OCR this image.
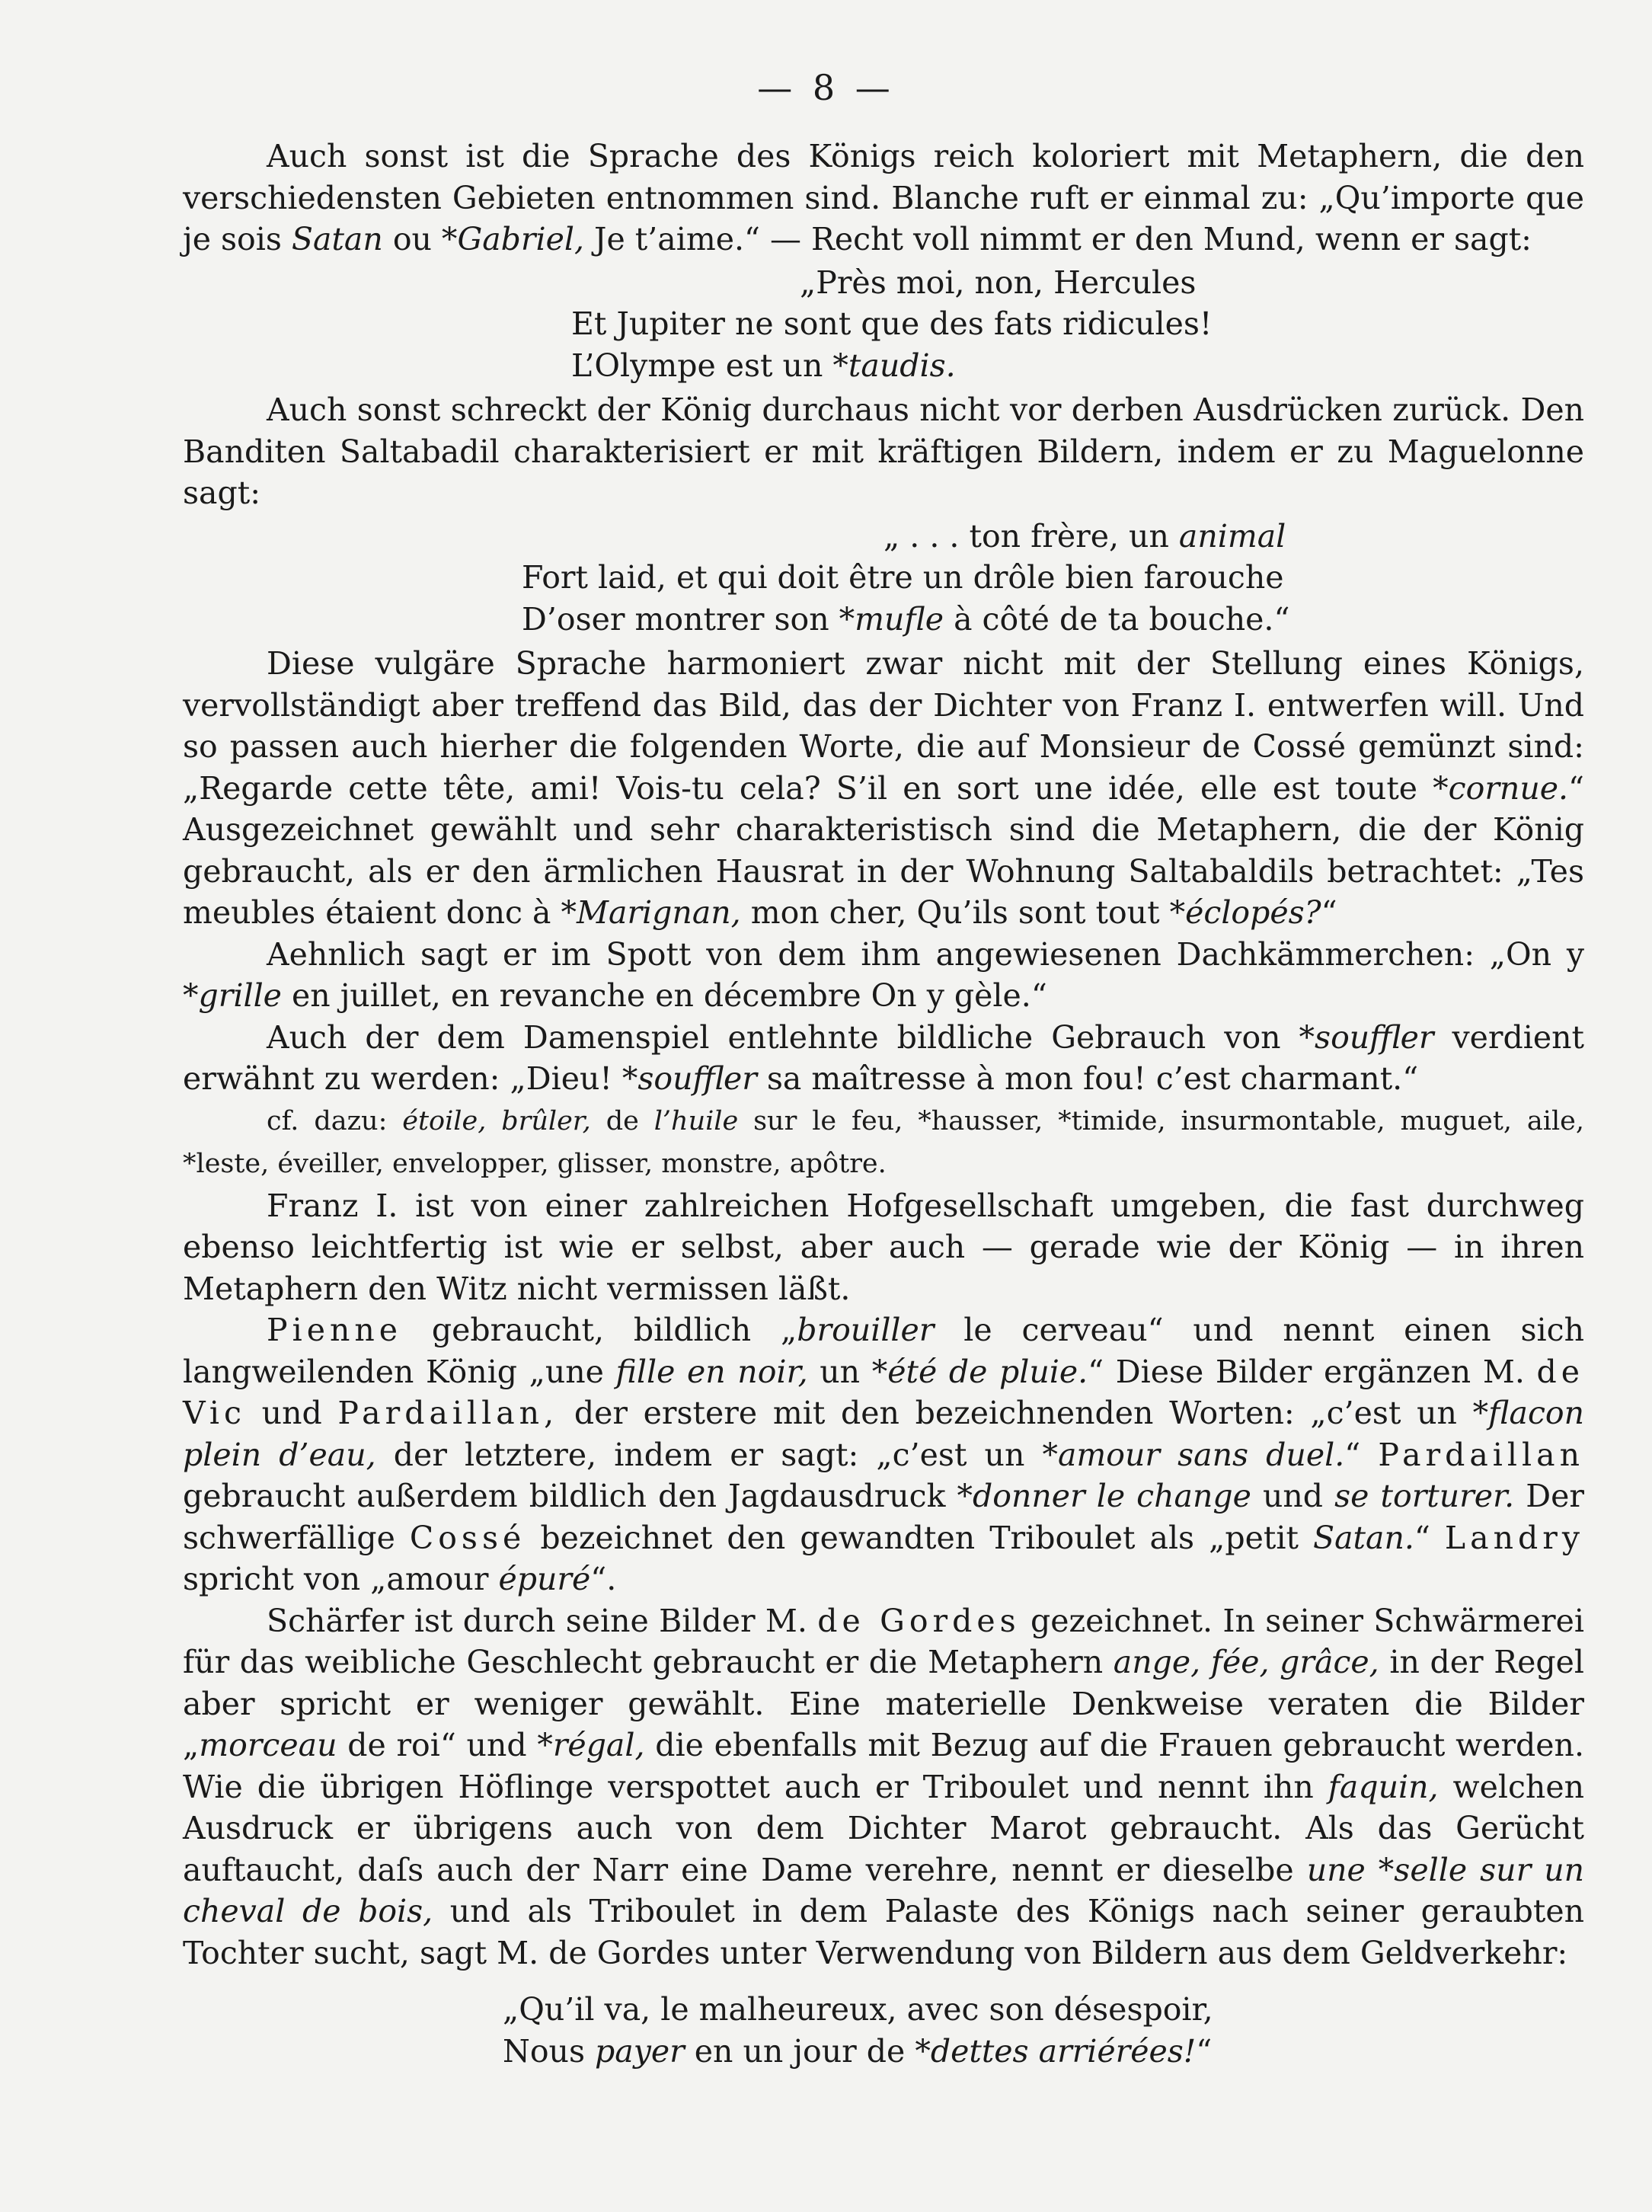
— 8 —

Auch sonst ist die Sprache des Königs reich koloriert mit Metaphern, die den verschiedensten Gebieten entnommen sind. Blanche ruft er einmal zu: „Qu’importe que je sois Satan ou *Gabriel, Je t’aime.“ — Recht voll nimmt er den Mund, wenn er sagt:

„Près moi, non, Hercules
Et Jupiter ne sont que des fats ridicules!
L’Olympe est un *taudis.

Auch sonst schreckt der König durchaus nicht vor derben Ausdrücken zurück. Den Banditen Saltabadil charakterisiert er mit kräftigen Bildern, indem er zu Maguelonne sagt:

„ . . . ton frère, un animal
Fort laid, et qui doit être un drôle bien farouche
D’oser montrer son *mufle à côté de ta bouche.“

Diese vulgäre Sprache harmoniert zwar nicht mit der Stellung eines Königs, vervollständigt aber treffend das Bild, das der Dichter von Franz I. entwerfen will. Und so passen auch hierher die folgenden Worte, die auf Monsieur de Cossé gemünzt sind: „Regarde cette tête, ami! Vois-tu cela? S’il en sort une idée, elle est toute *cornue.“ Ausgezeichnet gewählt und sehr charakteristisch sind die Metaphern, die der König gebraucht, als er den ärmlichen Hausrat in der Wohnung Saltabaldils betrachtet: „Tes meubles étaient donc à *Marignan, mon cher, Qu’ils sont tout *éclopés?“

Aehnlich sagt er im Spott von dem ihm angewiesenen Dachkämmerchen: „On y *grille en juillet, en revanche en décembre On y gèle.“

Auch der dem Damenspiel entlehnte bildliche Gebrauch von *souffler verdient erwähnt zu werden: „Dieu! *souffler sa maîtresse à mon fou! c’est charmant.“

cf. dazu: étoile, brûler, de l’huile sur le feu, *hausser, *timide, insurmontable, muguet, aile, *leste, éveiller, envelopper, glisser, monstre, apôtre.

Franz I. ist von einer zahlreichen Hofgesellschaft umgeben, die fast durchweg ebenso leichtfertig ist wie er selbst, aber auch — gerade wie der König — in ihren Metaphern den Witz nicht vermissen läßt.

Pienne gebraucht, bildlich „brouiller le cerveau“ und nennt einen sich langweilenden König „une fille en noir, un *été de pluie.“ Diese Bilder ergänzen M. de Vic und Pardaillan, der erstere mit den bezeichnenden Worten: „c’est un *flacon plein d’eau, der letztere, indem er sagt: „c’est un *amour sans duel.“ Pardaillan gebraucht außerdem bildlich den Jagdausdruck *donner le change und se torturer. Der schwerfällige Cossé bezeichnet den gewandten Triboulet als „petit Satan.“ Landry spricht von „amour épuré“.

Schärfer ist durch seine Bilder M. de Gordes gezeichnet. In seiner Schwärmerei für das weibliche Geschlecht gebraucht er die Metaphern ange, fée, grâce, in der Regel aber spricht er weniger gewählt. Eine materielle Denkweise veraten die Bilder „morceau de roi“ und *régal, die ebenfalls mit Bezug auf die Frauen gebraucht werden. Wie die übrigen Höflinge verspottet auch er Triboulet und nennt ihn faquin, welchen Ausdruck er übrigens auch von dem Dichter Marot gebraucht. Als das Gerücht auftaucht, daſs auch der Narr eine Dame verehre, nennt er dieselbe une *selle sur un cheval de bois, und als Triboulet in dem Palaste des Königs nach seiner geraubten Tochter sucht, sagt M. de Gordes unter Verwendung von Bildern aus dem Geldverkehr:

„Qu’il va, le malheureux, avec son désespoir,
Nous payer en un jour de *dettes arriérées!“
